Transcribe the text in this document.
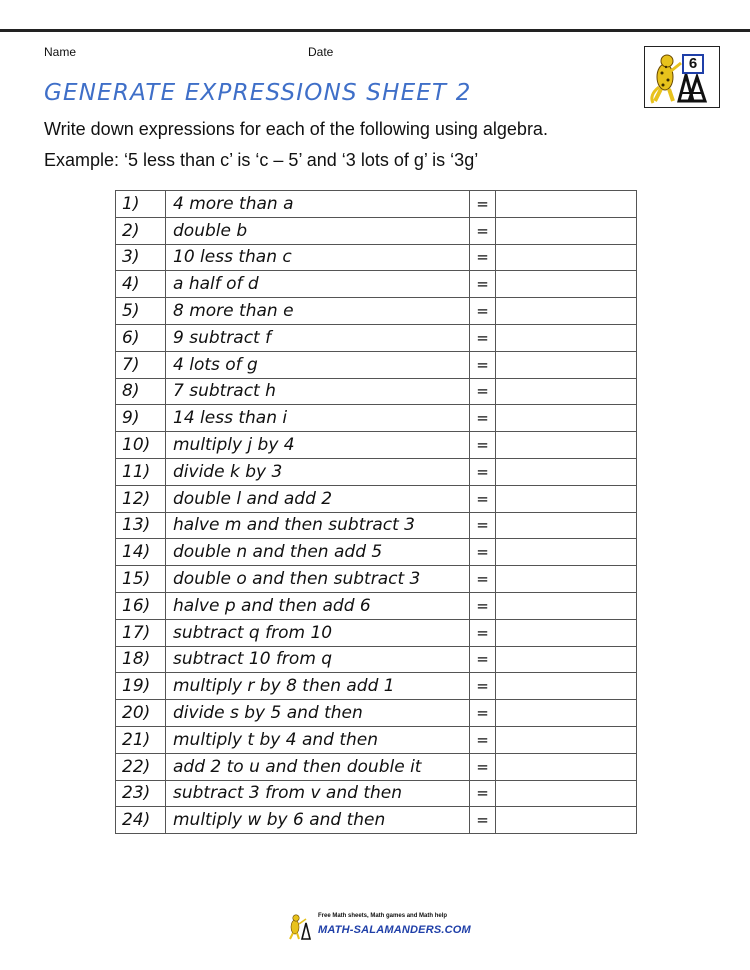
Name	Date
6
GENERATE EXPRESSIONS SHEET 2
Write down expressions for each of the following using algebra.
Example: ‘5 less than c’ is ‘c – 5’ and ‘3 lots of g’ is ‘3g’
1)	4 more than a	=	
2)	double b	=	
3)	10 less than c	=	
4)	a half of d	=	
5)	8 more than e	=	
6)	9 subtract f	=	
7)	4 lots of g	=	
8)	7 subtract h	=	
9)	14 less than i	=	
10)	multiply j by 4	=	
11)	divide k by 3	=	
12)	double l and add 2	=	
13)	halve m and then subtract 3	=	
14)	double n and then add 5	=	
15)	double o and then subtract 3	=	
16)	halve p and then add 6	=	
17)	subtract q from 10	=	
18)	subtract 10 from q	=	
19)	multiply r by 8 then add 1	=	
20)	divide s by 5 and then	=	
21)	multiply t by 4 and then	=	
22)	add 2 to u and then double it	=	
23)	subtract 3 from v and then	=	
24)	multiply w by 6 and then	=	
Free Math sheets, Math games and Math help
MATH-SALAMANDERS.COM
